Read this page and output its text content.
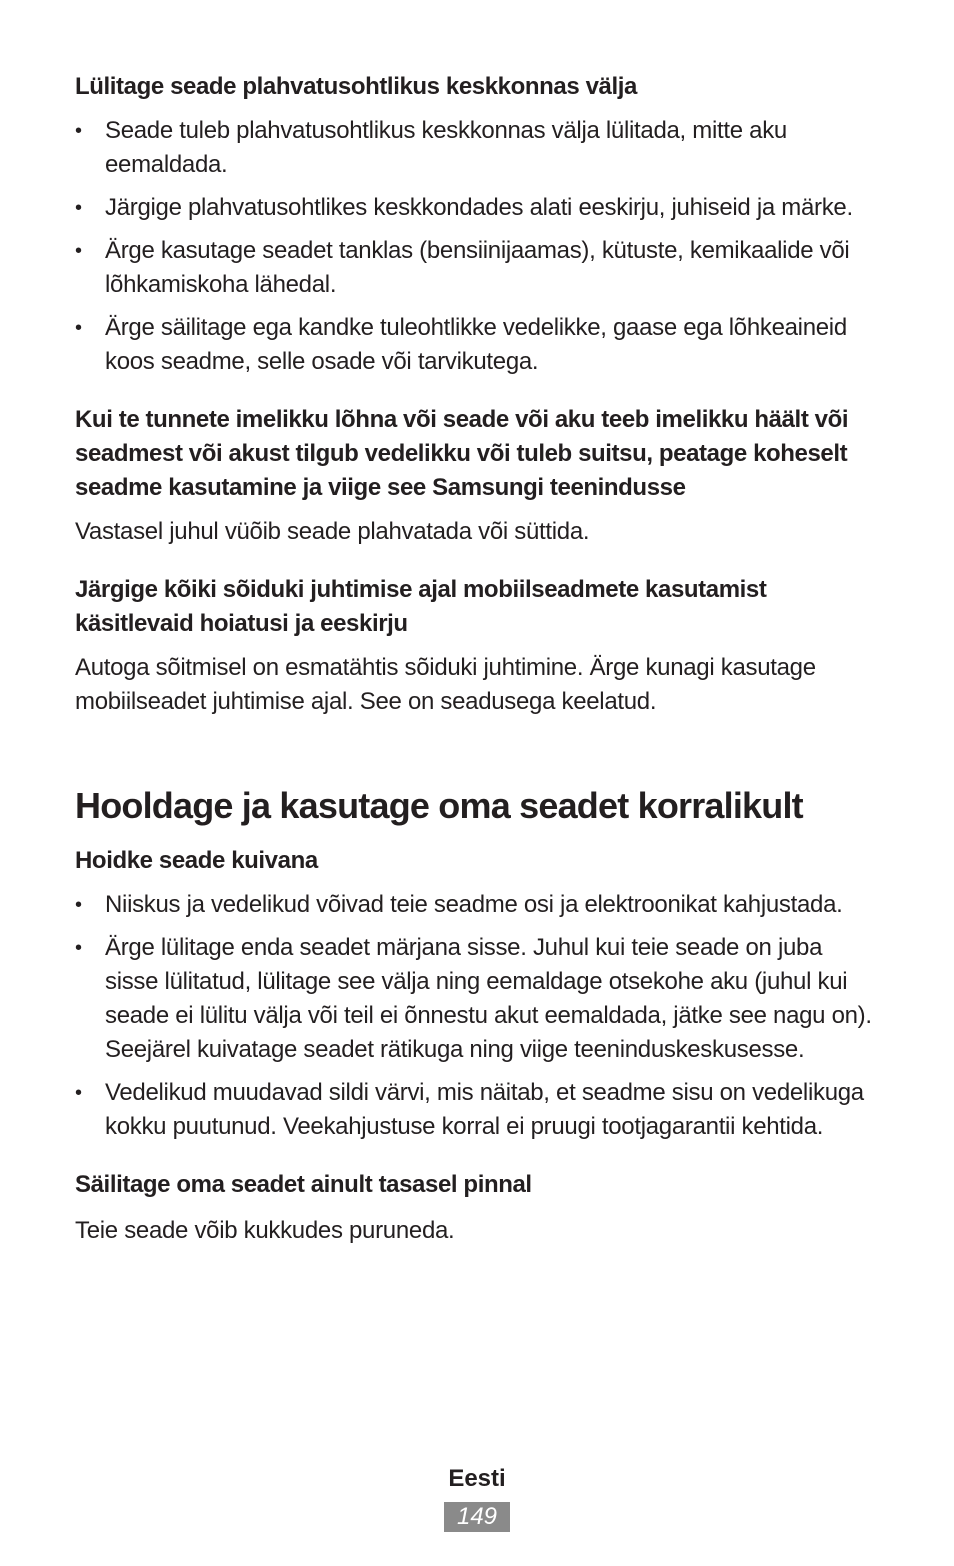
Lülitage seade plahvatusohtlikus keskkonnas välja

• Seade tuleb plahvatusohtlikus keskkonnas välja lülitada, mitte aku eemaldada.
• Järgige plahvatusohtlikes keskkondades alati eeskirju, juhiseid ja märke.
• Ärge kasutage seadet tanklas (bensiinijaamas), kütuste, kemikaalide või lõhkamiskoha lähedal.
• Ärge säilitage ega kandke tuleohtlikke vedelikke, gaase ega lõhkeaineid koos seadme, selle osade või tarvikutega.

Kui te tunnete imelikku lõhna või seade või aku teeb imelikku häält või seadmest või akust tilgub vedelikku või tuleb suitsu, peatage koheselt seadme kasutamine ja viige see Samsungi teenindusse

Vastasel juhul vüõib seade plahvatada või süttida.

Järgige kõiki sõiduki juhtimise ajal mobiilseadmete kasutamist käsitlevaid hoiatusi ja eeskirju

Autoga sõitmisel on esmatähtis sõiduki juhtimine. Ärge kunagi kasutage mobiilseadet juhtimise ajal. See on seadusega keelatud.

Hooldage ja kasutage oma seadet korralikult

Hoidke seade kuivana

• Niiskus ja vedelikud võivad teie seadme osi ja elektroonikat kahjustada.
• Ärge lülitage enda seadet märjana sisse. Juhul kui teie seade on juba sisse lülitatud, lülitage see välja ning eemaldage otsekohe aku (juhul kui seade ei lülitu välja või teil ei õnnestu akut eemaldada, jätke see nagu on). Seejärel kuivatage seadet rätikuga ning viige teeninduskeskusesse.
• Vedelikud muudavad sildi värvi, mis näitab, et seadme sisu on vedelikuga kokku puutunud. Veekahjustuse korral ei pruugi tootjagarantii kehtida.

Säilitage oma seadet ainult tasasel pinnal

Teie seade võib kukkudes puruneda.

Eesti
149
